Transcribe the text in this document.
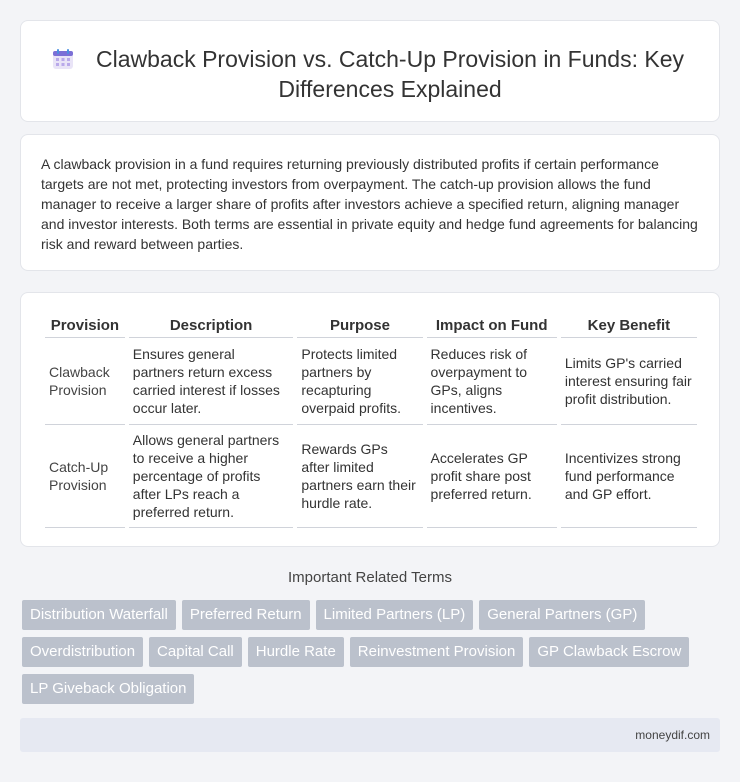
Clawback Provision vs. Catch-Up Provision in Funds: Key Differences Explained

A clawback provision in a fund requires returning previously distributed profits if certain performance targets are not met, protecting investors from overpayment. The catch-up provision allows the fund manager to receive a larger share of profits after investors achieve a specified return, aligning manager and investor interests. Both terms are essential in private equity and hedge fund agreements for balancing risk and reward between parties.

Provision	Description	Purpose	Impact on Fund	Key Benefit
Clawback Provision	Ensures general partners return excess carried interest if losses occur later.	Protects limited partners by recapturing overpaid profits.	Reduces risk of overpayment to GPs, aligns incentives.	Limits GP's carried interest ensuring fair profit distribution.
Catch-Up Provision	Allows general partners to receive a higher percentage of profits after LPs reach a preferred return.	Rewards GPs after limited partners earn their hurdle rate.	Accelerates GP profit share post preferred return.	Incentivizes strong fund performance and GP effort.
Important Related Terms
Distribution Waterfall	Preferred Return	Limited Partners (LP)	General Partners (GP)
Overdistribution	Capital Call	Hurdle Rate	Reinvestment Provision	GP Clawback Escrow
LP Giveback Obligation
moneydif.com
